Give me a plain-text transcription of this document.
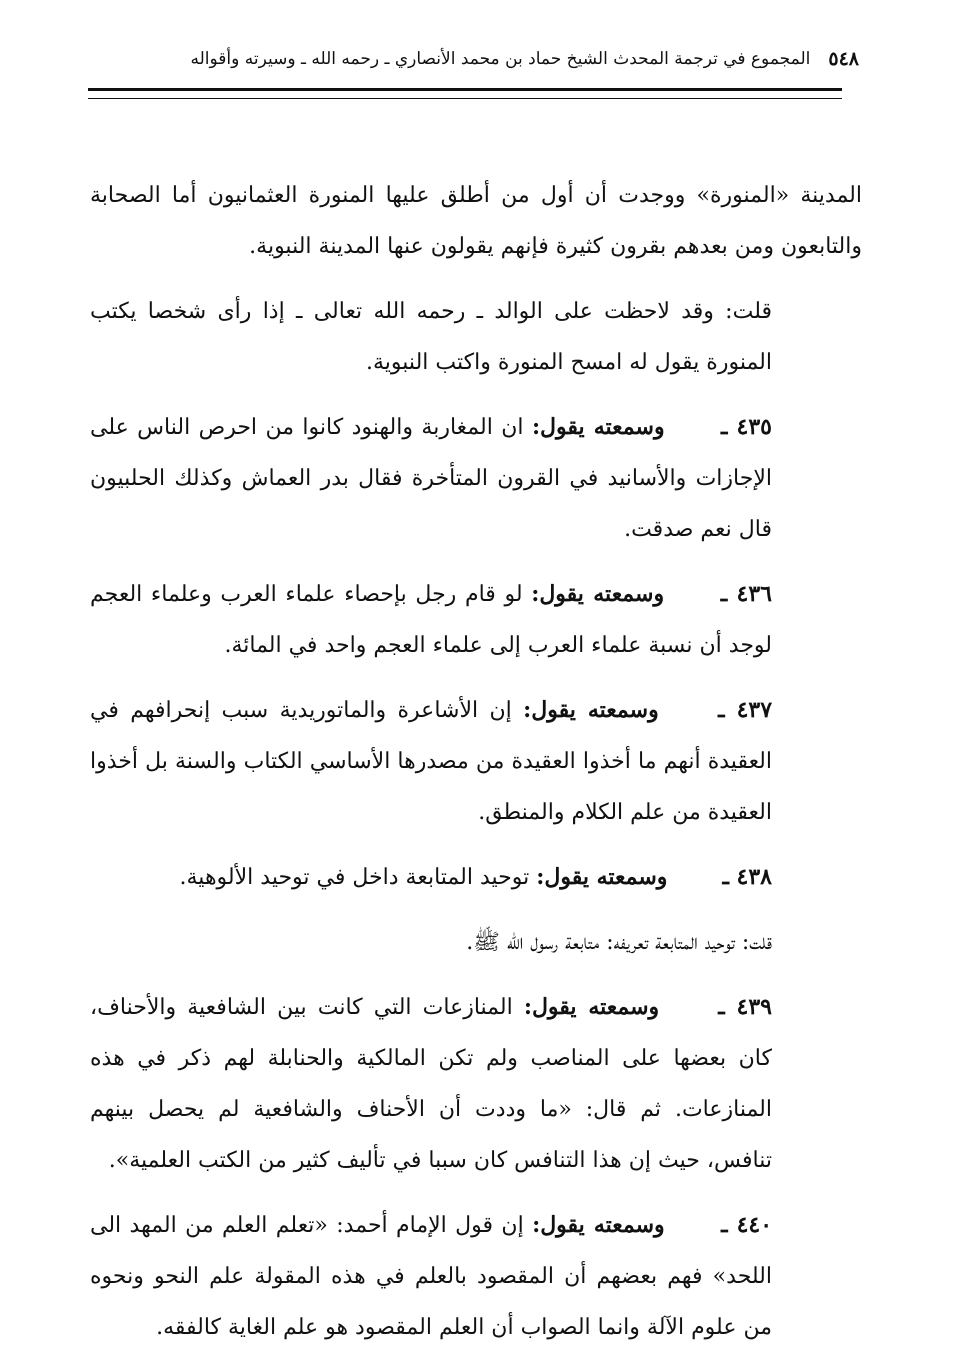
٥٤٨
المجموع في ترجمة المحدث الشيخ حماد بن محمد الأنصاري ـ رحمه الله ـ وسيرته وأقواله

المدينة «المنورة» ووجدت أن أول من أطلق عليها المنورة العثمانيون أما الصحابة والتابعون ومن بعدهم بقرون كثيرة فإنهم يقولون عنها المدينة النبوية.

قلت: وقد لاحظت على الوالد ـ رحمه الله تعالى ـ إذا رأى شخصا يكتب المنورة يقول له امسح المنورة واكتب النبوية.

٤٣٥ ـ وسمعته يقول: ان المغاربة والهنود كانوا من احرص الناس على الإجازات والأسانيد في القرون المتأخرة فقال بدر العماش وكذلك الحلبيون قال نعم صدقت.

٤٣٦ ـ وسمعته يقول: لو قام رجل بإحصاء علماء العرب وعلماء العجم لوجد أن نسبة علماء العرب إلى علماء العجم واحد في المائة.

٤٣٧ ـ وسمعته يقول: إن الأشاعرة والماتوريدية سبب إنحرافهم في العقيدة أنهم ما أخذوا العقيدة من مصدرها الأساسي الكتاب والسنة بل أخذوا العقيدة من علم الكلام والمنطق.

٤٣٨ ـ وسمعته يقول: توحيد المتابعة داخل في توحيد الألوهية.

قلت: توحيد المتابعة تعريفه: متابعة رسول الله ﷺ.

٤٣٩ ـ وسمعته يقول: المنازعات التي كانت بين الشافعية والأحناف، كان بعضها على المناصب ولم تكن المالكية والحنابلة لهم ذكر في هذه المنازعات. ثم قال: «ما وددت أن الأحناف والشافعية لم يحصل بينهم تنافس، حيث إن هذا التنافس كان سببا في تأليف كثير من الكتب العلمية».

٤٤٠ ـ وسمعته يقول: إن قول الإمام أحمد: «تعلم العلم من المهد الى اللحد» فهم بعضهم أن المقصود بالعلم في هذه المقولة علم النحو ونحوه من علوم الآلة وانما الصواب أن العلم المقصود هو علم الغاية كالفقه.
